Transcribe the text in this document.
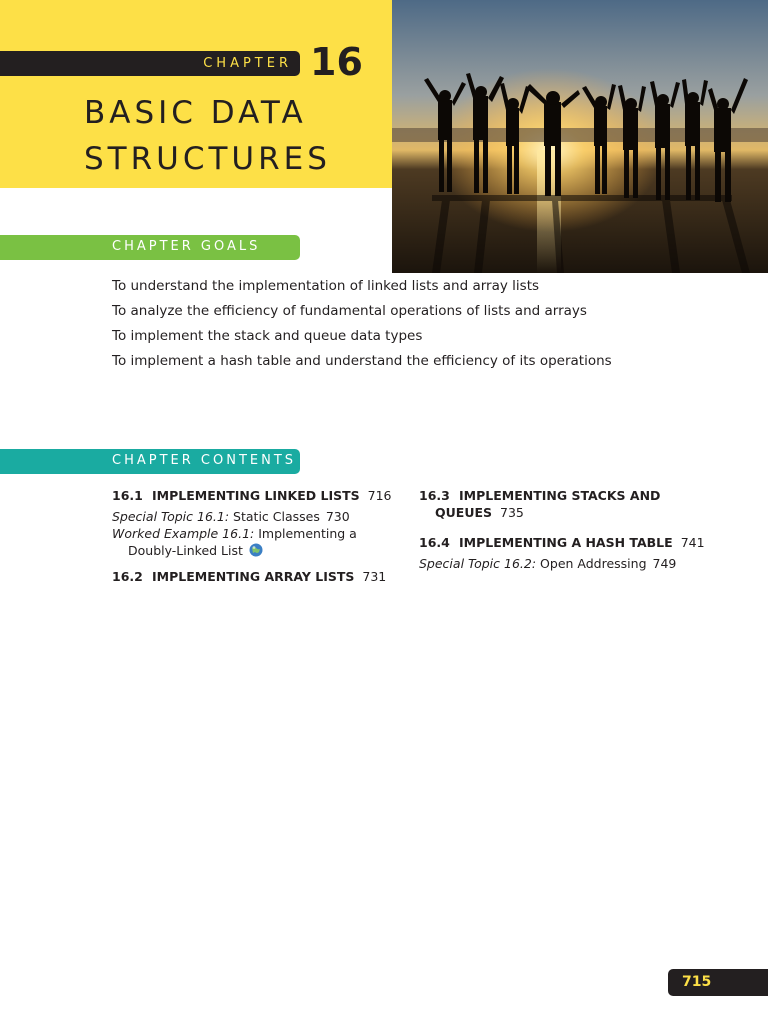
CHAPTER 16
BASIC DATA
STRUCTURES
CHAPTER GOALS
To understand the implementation of linked lists and array lists
To analyze the efficiency of fundamental operations of lists and arrays
To implement the stack and queue data types
To implement a hash table and understand the efficiency of its operations
CHAPTER CONTENTS
16.1 IMPLEMENTING LINKED LISTS 716
Special Topic 16.1: Static Classes 730
Worked Example 16.1: Implementing a Doubly-Linked List
16.2 IMPLEMENTING ARRAY LISTS 731
16.3 IMPLEMENTING STACKS AND
QUEUES 735
16.4 IMPLEMENTING A HASH TABLE 741
Special Topic 16.2: Open Addressing 749
715
